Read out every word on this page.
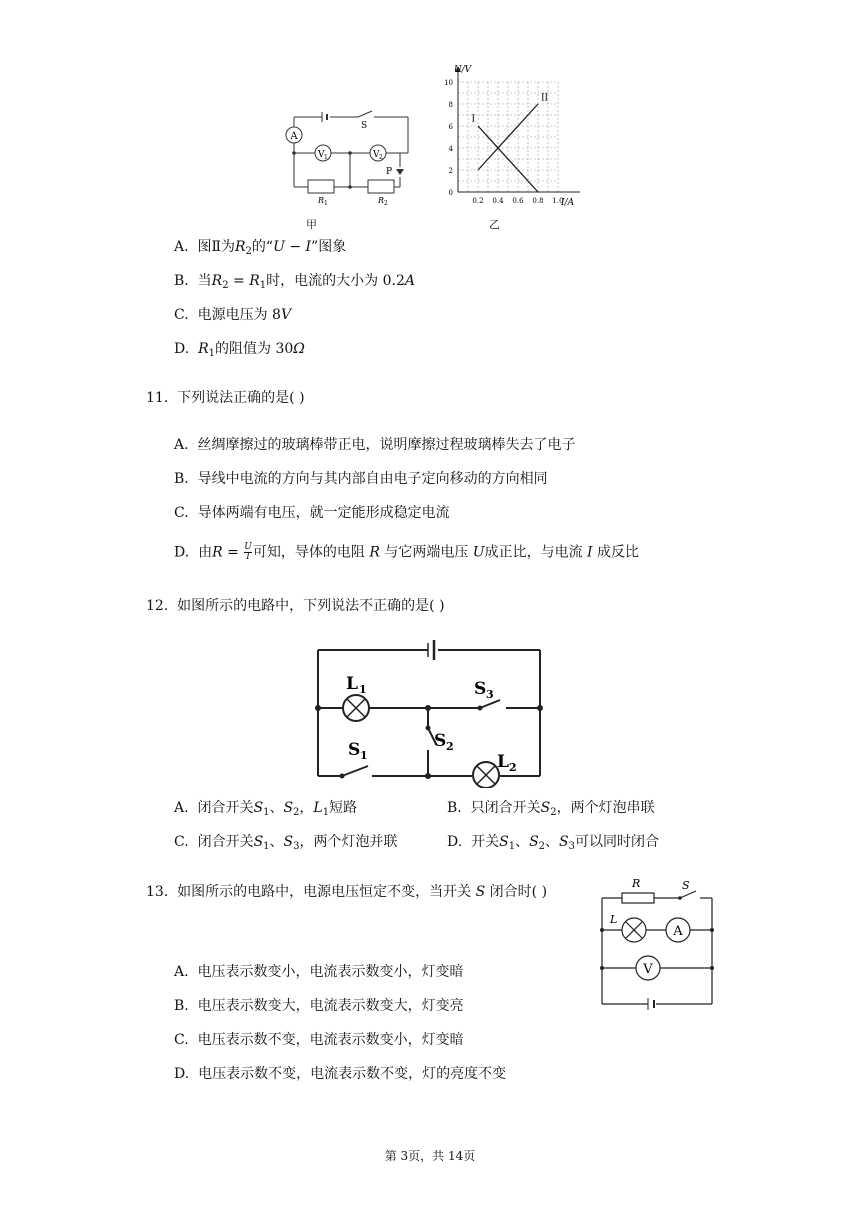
A
S
V 1	V 2
P
R 1	R 2
甲
10
8
6
4
2
0
0.2 0.4 0.6 0.8 1.0
I
II
U/V
I/A
乙
A. 图Ⅱ为$R_2$的“U − I”图象
B. 当$R_2 = R_1$时，电流的大小为 0.2A
C. 电源电压为 8V
D. $R_1$的阻值为 30Ω
11. 下列说法正确的是( )
A. 丝绸摩擦过的玻璃棒带正电，说明摩擦过程玻璃棒失去了电子
B. 导线中电流的方向与其内部自由电子定向移动的方向相同
C. 导体两端有电压，就一定能形成稳定电流
D. 由$R = \frac{U}{I}$ 可知，导体的电阻 R 与它两端电压 U成正比，与电流 I 成反比
12. 如图所示的电路中，下列说法不正确的是( )
L 1	S 3
S 1
S 2
L 2
A. 闭合开关$S_1$、$S_2$，$L_1$短路	B. 只闭合开关$S_2$，两个灯泡串联
C. 闭合开关$S_1$、$S_3$，两个灯泡并联	D. 开关$S_1$、$S_2$、$S_3$可以同时闭合
13. 如图所示的电路中，电源电压恒定不变，当开关 S 闭合时( )
R	S
L
A
V
A. 电压表示数变小，电流表示数变小，灯变暗
B. 电压表示数变大，电流表示数变大，灯变亮
C. 电压表示数不变，电流表示数变小，灯变暗
D. 电压表示数不变，电流表示数不变，灯的亮度不变
第 3页，共 14页
